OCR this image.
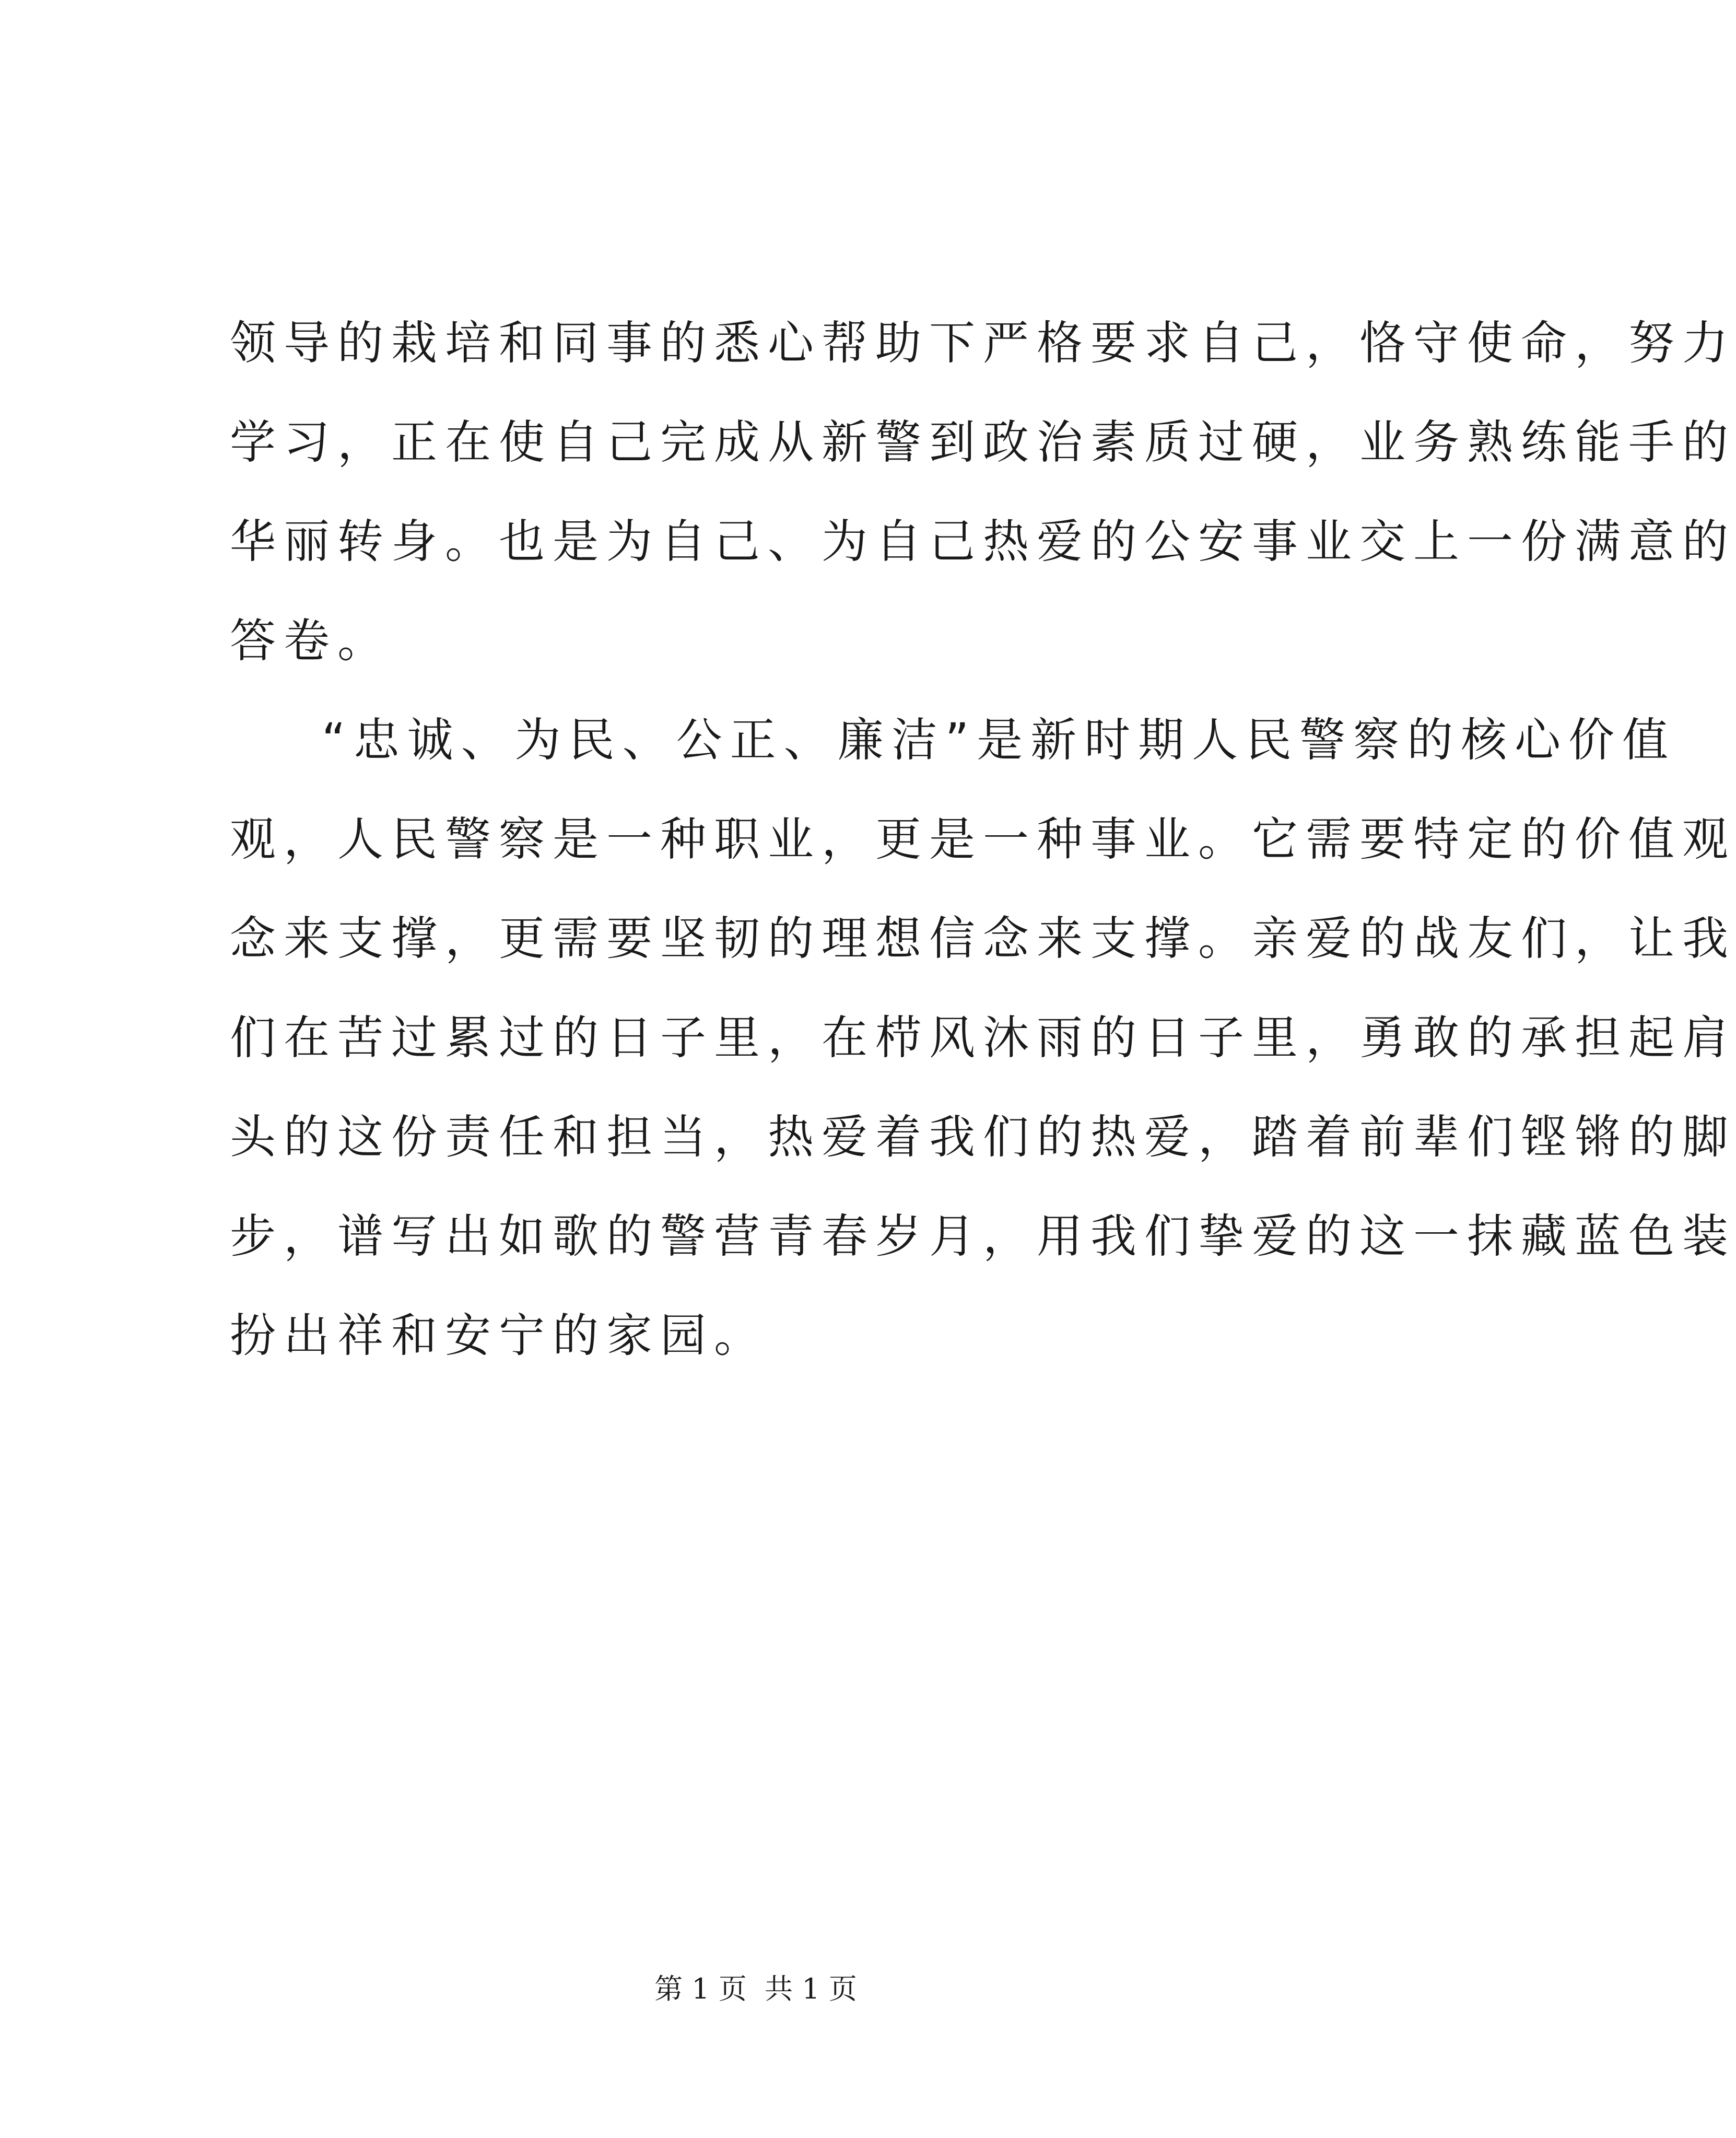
领导的栽培和同事的悉心帮助下严格要求自己，恪守使命，努力
学习，正在使自己完成从新警到政治素质过硬，业务熟练能手的
华丽转身。也是为自己、为自己热爱的公安事业交上一份满意的
答卷。
“忠诚、为民、公正、廉洁”是新时期人民警察的核心价值
观，人民警察是一种职业，更是一种事业。它需要特定的价值观
念来支撑，更需要坚韧的理想信念来支撑。亲爱的战友们，让我
们在苦过累过的日子里，在栉风沐雨的日子里，勇敢的承担起肩
头的这份责任和担当，热爱着我们的热爱，踏着前辈们铿锵的脚
步，谱写出如歌的警营青春岁月，用我们挚爱的这一抹藏蓝色装
扮出祥和安宁的家园。
第 1 页  共 1 页
